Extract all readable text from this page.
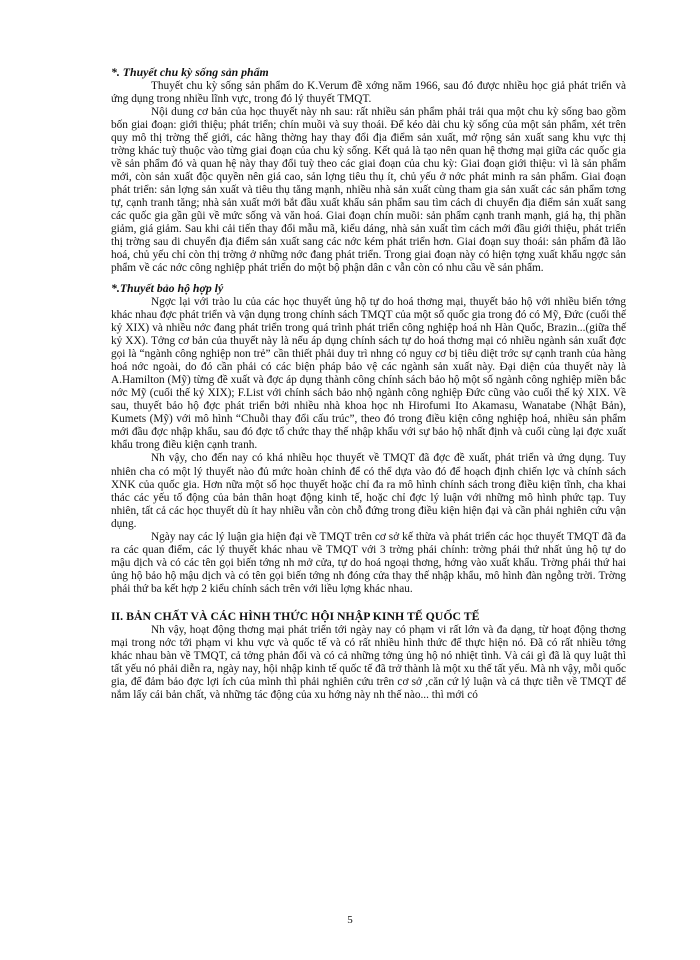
*. Thuyết chu kỳ sống sản phẩm

Thuyết chu kỳ sống sản phẩm do K.Verum đề xớng năm 1966, sau đó được nhiều học giả phát triển và ứng dụng trong nhiều lĩnh vực, trong đó lý thuyết TMQT.

Nội dung cơ bản của học thuyết này nh sau: rất nhiều sản phẩm phải trải qua một chu kỳ sống bao gồm bốn giai đoạn: giới thiệu; phát triển; chín muồi và suy thoái. Để kéo dài chu kỳ sống của một sản phẩm, xét trên quy mô thị trờng thế giới, các hãng thờng hay thay đổi địa điểm sản xuất, mở rộng sản xuất sang khu vực thị trờng khác tuỳ thuộc vào từng giai đoạn của chu kỳ sống. Kết quả là tạo nên quan hệ thơng mại giữa các quốc gia về sản phẩm đó và quan hệ này thay đổi tuỳ theo các giai đoạn của chu kỳ: Giai đoạn giới thiệu: vì là sản phẩm mới, còn sản xuất độc quyền nên giá cao, sản lợng tiêu thụ ít, chủ yếu ở nớc phát minh ra sản phẩm. Giai đoạn phát triển: sản lợng sản xuất và tiêu thụ tăng mạnh, nhiều nhà sản xuất cùng tham gia sản xuất các sản phẩm tơng tự, cạnh tranh tăng; nhà sản xuất mới bắt đầu xuất khẩu sản phẩm sau tìm cách di chuyển địa điểm sản xuất sang các quốc gia gần gũi về mức sống và văn hoá. Giai đoạn chín muồi: sản phẩm cạnh tranh mạnh, giá hạ, thị phần giảm, giá giảm. Sau khi cải tiến thay đổi mẫu mã, kiểu dáng, nhà sản xuất tìm cách mới đầu giới thiệu, phát triển thị trờng sau di chuyển địa điểm sản xuất sang các nớc kém phát triển hơn. Giai đoạn suy thoái: sản phẩm đã lão hoá, chủ yếu chỉ còn thị trờng ở những nớc đang phát triển. Trong giai đoạn này có hiện tợng xuất khẩu ngợc sản phẩm về các nớc công nghiệp phát triển do một bộ phận dân c vẫn còn có nhu cầu về sản phẩm.

*.Thuyết bảo hộ hợp lý

Ngợc lại với trào lu của các học thuyết ủng hộ tự do hoá thơng mại, thuyết bảo hộ với nhiều biến tớng khác nhau đợc phát triển và vận dụng trong chính sách TMQT của một số quốc gia trong đó có Mỹ, Đức (cuối thế kỷ XIX) và nhiều nớc đang phát triển trong quá trình phát triển công nghiệp hoá nh Hàn Quốc, Brazin...(giữa thế kỷ XX). Tởng cơ bản của thuyết này là nếu áp dụng chính sách tự do hoá thơng mại có nhiều ngành sản xuất đợc gọi là “ngành công nghiệp non trẻ” cần thiết phải duy trì nhng có nguy cơ bị tiêu diệt trớc sự cạnh tranh của hàng hoá nớc ngoài, do đó cần phải có các biện pháp bảo vệ các ngành sản xuất này. Đại diện của thuyết này là A.Hamilton (Mỹ) từng đề xuất và đợc áp dụng thành công chính sách bảo hộ một số ngành công nghiệp miền bắc nớc Mỹ (cuối thế kỷ XIX); F.List với chính sách bảo nhộ ngành công nghiệp Đức cũng vào cuối thế kỷ XIX. Về sau, thuyết bảo hộ đợc phát triển bởi nhiều nhà khoa học nh Hirofumi Ito Akamasu, Wanatabe (Nhật Bản), Kumets (Mỹ) với mô hình “Chuỗi thay đổi cấu trúc”, theo đó trong điều kiện công nghiệp hoá, nhiều sản phẩm mới đầu đợc nhập khẩu, sau đó đợc tổ chức thay thế nhập khẩu với sự bảo hộ nhất định và cuối cùng lại đợc xuất khẩu trong điều kiện cạnh tranh.

Nh vậy, cho đến nay có khá nhiều học thuyết về TMQT đã đợc đề xuất, phát triển và ứng dụng. Tuy nhiên cha có một lý thuyết nào đủ mức hoàn chỉnh để có thể dựa vào đó để hoạch định chiến lợc và chính sách XNK của quốc gia. Hơn nữa một số học thuyết hoặc chỉ đa ra mô hình chính sách trong điều kiện tĩnh, cha khai thác các yếu tố động của bản thân hoạt động kinh tế, hoặc chỉ đợc lý luận với những mô hình phức tạp. Tuy nhiên, tất cả các học thuyết dù ít hay nhiều vẫn còn chỗ đứng trong điều kiện hiện đại và cần phải nghiên cứu vận dụng.

Ngày nay các lý luận gia hiện đại về TMQT trên cơ sở kế thừa và phát triển các học thuyết TMQT đã đa ra các quan điểm, các lý thuyết khác nhau về TMQT với 3 trờng phái chính: trờng phái thứ nhất ủng hộ tự do mậu dịch và có các tên gọi biến tớng nh mở cửa, tự do hoá ngoại thơng, hớng vào xuất khẩu. Trờng phái thứ hai ủng hộ bảo hộ mậu dịch và có tên gọi biến tớng nh đóng cửa thay thế nhập khẩu, mô hình đàn ngỗng trời. Trờng phái thứ ba kết hợp 2 kiểu chính sách trên với liều lợng khác nhau.

II. BẢN CHẤT VÀ CÁC HÌNH THỨC HỘI NHẬP KINH TẾ QUỐC TẾ

Nh vậy, hoạt động thơng mại phát triển tới ngày nay có phạm vi rất lớn và đa dạng, từ hoạt động thơng mại trong nớc tới phạm vi khu vực và quốc tế và có rất nhiều hình thức để thực hiện nó. Đã có rất nhiều tởng khác nhau bàn về TMQT, cả tởng phản đối và có cả những tởng ủng hộ nó nhiệt tình. Và cái gì đã là quy luật thì tất yếu nó phải diễn ra, ngày nay, hội nhập kinh tế quốc tế đã trở thành là một xu thế tất yếu. Mà nh vậy, mỗi quốc gia, để đảm bảo đợc lợi ích của mình thì phải nghiên cứu trên cơ sở ,căn cứ lý luận và cả thực tiễn về TMQT để nắm lấy cái bản chất, và những tác động của xu hớng này nh thế nào... thì mới có

5
